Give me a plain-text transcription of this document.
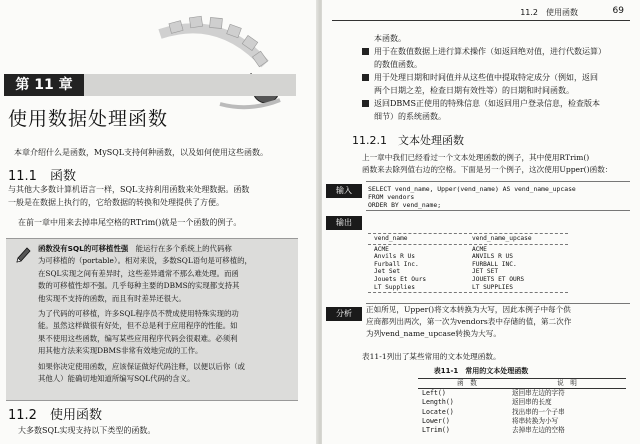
第 11 章
使用数据处理函数
本章介绍什么是函数，MySQL支持何种函数，以及如何使用这些函数。
11.1　 函数
与其他大多数计算机语言一样，SQL支持利用函数来处理数据。函数
一般是在数据上执行的，它给数据的转换和处理提供了方便。
在前一章中用来去掉串尾空格的RTrim()就是一个函数的例子。

函数没有SQL的可移植性强　 能运行在多个系统上的代码称
为可移植的（portable）。相对来说，多数SQL语句是可移植的，
在SQL实现之间有差异时，这些差异通常不那么难处理。而函
数的可移植性却不强。几乎每种主要的DBMS的实现都支持其
他实现不支持的函数，而且有时差异还很大。

为了代码的可移植，许多SQL程序员不赞成使用特殊实现的功
能。虽然这样做很有好处，但不总是利于应用程序的性能。如
果不使用这些函数，编写某些应用程序代码会很艰难。必须利
用其他方法来实现DBMS非常有效地完成的工作。

如果你决定使用函数，应该保证做好代码注释，以便以后你（或
其他人）能确切地知道所编写SQL代码的含义。

11.2　 使用函数
大多数SQL实现支持以下类型的函数。
11.2　使用函数	69
本函数。
用于在数值数据上进行算术操作（如返回绝对值，进行代数运算）
的数值函数。
用于处理日期和时间值并从这些值中提取特定成分（例如，返回
两个日期之差，检查日期有效性等）的日期和时间函数。
返回DBMS正使用的特殊信息（如返回用户登录信息，检查版本
细节）的系统函数。
11.2.1　 文本处理函数
上一章中我们已经看过一个文本处理函数的例子，其中使用RTrim()
函数来去除列值右边的空格。下面是另一个例子，这次使用Upper()函数：
输入	SELECT vend_name, Upper(vend_name) AS vend_name_upcase
FROM vendors
ORDER BY vend_name;
输出
vend_name	vend_name_upcase
ACME	ACME
Anvils R Us	ANVILS R US
Furball Inc.	FURBALL INC.
Jet Set	JET SET
Jouets Et Ours	JOUETS ET OURS
LT Supplies	LT SUPPLIES
分析	正如所见，Upper()将文本转换为大写，因此本例子中每个供
应商都列出两次，第一次为vendors表中存储的值，第二次作
为列vend_name_upcase转换为大写。
表11-1列出了某些常用的文本处理函数。
表11-1　常用的文本处理函数
函　数	说　明
Left()	返回串左边的字符
Length()	返回串的长度
Locate()	找出串的一个子串
Lower()	将串转换为小写
LTrim()	去掉串左边的空格
